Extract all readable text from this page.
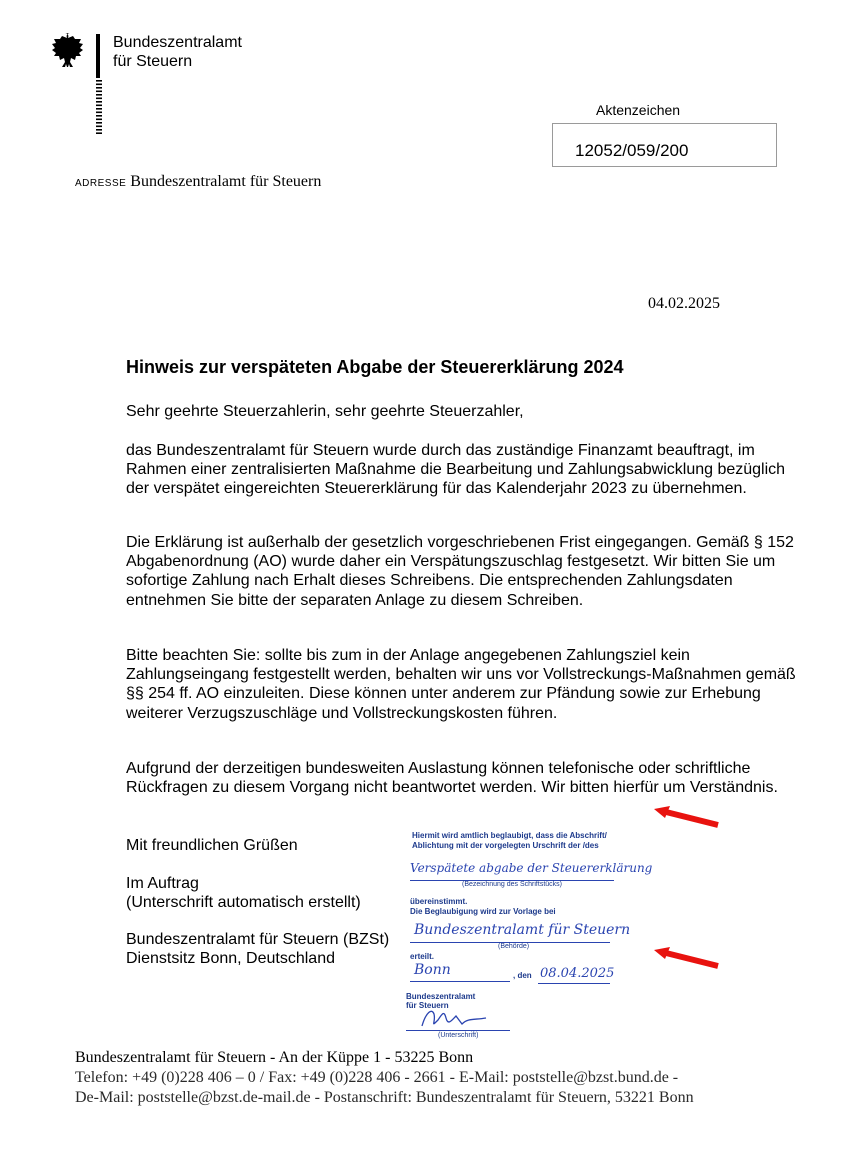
Bundeszentralamt
für Steuern
Aktenzeichen
12052/059/200
ADRESSE Bundeszentralamt für Steuern
04.02.2025
Hinweis zur verspäteten Abgabe der Steuererklärung 2024
Sehr geehrte Steuerzahlerin, sehr geehrte Steuerzahler,
das Bundeszentralamt für Steuern wurde durch das zuständige Finanzamt beauftragt, im Rahmen einer zentralisierten Maßnahme die Bearbeitung und Zahlungsabwicklung bezüglich der verspätet eingereichten Steuererklärung für das Kalenderjahr 2023 zu übernehmen.
Die Erklärung ist außerhalb der gesetzlich vorgeschriebenen Frist eingegangen. Gemäß § 152 Abgabenordnung (AO) wurde daher ein Verspätungszuschlag festgesetzt. Wir bitten Sie um sofortige Zahlung nach Erhalt dieses Schreibens. Die entsprechenden Zahlungsdaten entnehmen Sie bitte der separaten Anlage zu diesem Schreiben.
Bitte beachten Sie: sollte bis zum in der Anlage angegebenen Zahlungsziel kein Zahlungseingang festgestellt werden, behalten wir uns vor Vollstreckungs-Maßnahmen gemäß §§ 254 ff. AO einzuleiten. Diese können unter anderem zur Pfändung sowie zur Erhebung weiterer Verzugszuschläge und Vollstreckungskosten führen.
Aufgrund der derzeitigen bundesweiten Auslastung können telefonische oder schriftliche Rückfragen zu diesem Vorgang nicht beantwortet werden. Wir bitten hierfür um Verständnis.
Mit freundlichen Grüßen
Im Auftrag
(Unterschrift automatisch erstellt)
Bundeszentralamt für Steuern (BZSt)
Dienstsitz Bonn, Deutschland
Hiermit wird amtlich beglaubigt, dass die Abschrift/
Ablichtung mit der vorgelegten Urschrift der /des
Verspätete abgabe der Steuererklärung
(Bezeichnung des Schriftstücks)
übereinstimmt.
Die Beglaubigung wird zur Vorlage bei
Bundeszentralamt für Steuern
(Behörde)
erteilt.
Bonn	, den 08.04.2025
Bundeszentralamt
für Steuern
(Unterschrift)
Bundeszentralamt für Steuern - An der Küppe 1 - 53225 Bonn
Telefon: +49 (0)228 406 – 0 / Fax: +49 (0)228 406 - 2661 - E-Mail: poststelle@bzst.bund.de -
De-Mail: poststelle@bzst.de-mail.de - Postanschrift: Bundeszentralamt für Steuern, 53221 Bonn
